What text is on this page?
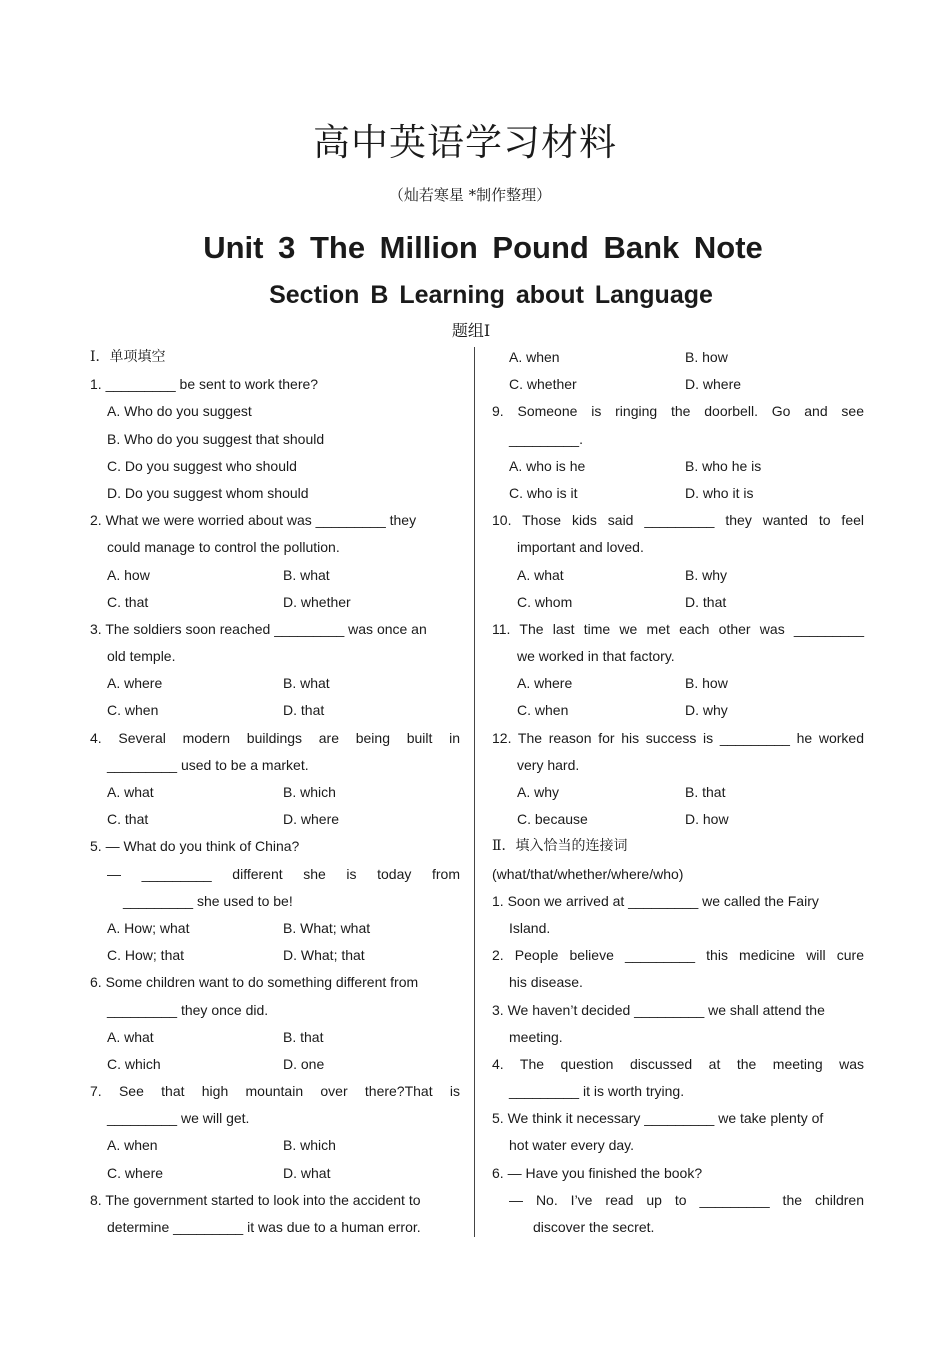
高中英语学习材料
（灿若寒星 *制作整理）
Unit 3 The Million Pound Bank Note
Section B Learning about Language
题组Ⅰ
Ⅰ．单项填空
1. _________ be sent to work there?
A. Who do you suggest
B. Who do you suggest that should
C. Do you suggest who should
D. Do you suggest whom should
2. What we were worried about was _________ they
could manage to control the pollution.
A. how	B. what
C. that	D. whether
3. The soldiers soon reached _________ was once an
old temple.
A. where	B. what
C. when	D. that
4. Several modern buildings are being built in
_________ used to be a market.
A. what	B. which
C. that	D. where
5. — What do you think of China?
— _________ different she is today from
_________ she used to be!
A. How; what	B. What; what
C. How; that	D. What; that
6. Some children want to do something different from
_________ they once did.
A. what	B. that
C. which	D. one
7. See that high mountain over there?That is
_________ we will get.
A. when	B. which
C. where	D. what
8. The government started to look into the accident to
determine _________ it was due to a human error.
A. when	B. how
C. whether	D. where
9. Someone is ringing the doorbell. Go and see
_________.
A. who is he	B. who he is
C. who is it	D. who it is
10. Those kids said _________ they wanted to feel
important and loved.
A. what	B. why
C. whom	D. that
11. The last time we met each other was _________
we worked in that factory.
A. where	B. how
C. when	D. why
12. The reason for his success is _________ he worked
very hard.
A. why	B. that
C. because	D. how
Ⅱ．填入恰当的连接词
(what/that/whether/where/who)
1. Soon we arrived at _________ we called the Fairy
Island.
2. People believe _________ this medicine will cure
his disease.
3. We haven’t decided _________ we shall attend the
meeting.
4. The question discussed at the meeting was
_________ it is worth trying.
5. We think it necessary _________ we take plenty of
hot water every day.
6. — Have you finished the book?
— No. I’ve read up to _________ the children
discover the secret.
